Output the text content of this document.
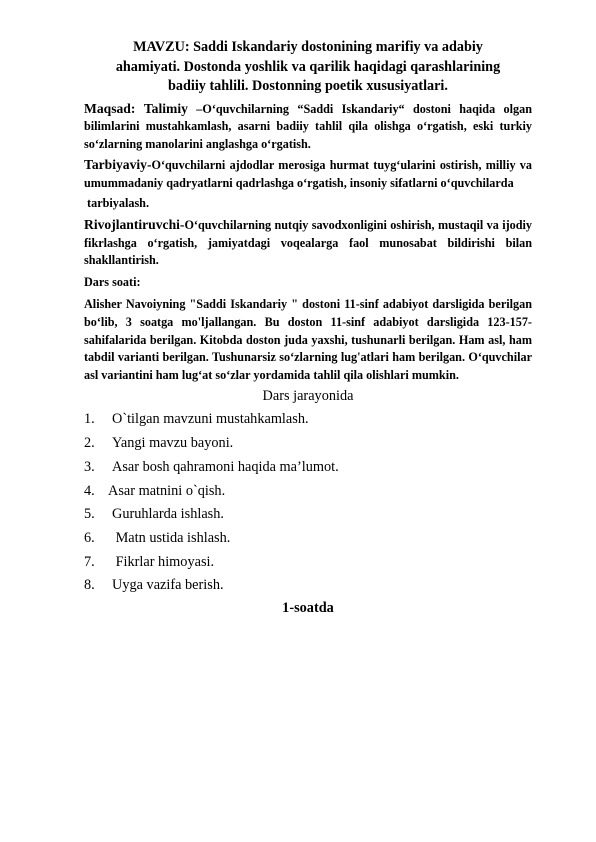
MAVZU: Saddi Iskandariy dostonining marifiy va adabiy

ahamiyati. Dostonda yoshlik va qarilik haqidagi qarashlarining

badiiy tahlili. Dostonning poetik xususiyatlari.

Maqsad: Talimiy –O‘quvchilarning “Saddi Iskandariy“ dostoni haqida olgan bilimlarini mustahkamlash, asarni badiiy tahlil qila olishga o‘rgatish, eski turkiy so‘zlarning manolarini anglashga o‘rgatish.

Tarbiyaviy-O‘quvchilarni ajdodlar merosiga hurmat tuyg‘ularini ostirish, milliy va umummadaniy qadryatlarni qadrlashga o‘rgatish, insoniy sifatlarni o‘quvchilarda

tarbiyalash.

Rivojlantiruvchi-O‘quvchilarning nutqiy savodxonligini oshirish, mustaqil va ijodiy fikrlashga o‘rgatish, jamiyatdagi voqealarga faol munosabat bildirishi bilan shakllantirish.

Dars soati:

Alisher Navoiyning "Saddi Iskandariy " dostoni 11-sinf adabiyot darsligida berilgan bo‘lib, 3 soatga mo'ljallangan. Bu doston 11-sinf adabiyot darsligida 123-157-sahifalarida berilgan. Kitobda doston juda yaxshi, tushunarli berilgan. Ham asl, ham tabdil varianti berilgan. Tushunarsiz so‘zlarning lug'atlari ham berilgan. O‘quvchilar asl variantini ham lug‘at so‘zlar yordamida tahlil qila olishlari mumkin.

Dars jarayonida

1.	O`tilgan mavzuni mustahkamlash.
2.	Yangi mavzu bayoni.
3.	Asar bosh qahramoni haqida ma’lumot.
4. Asar matnini o`qish.
5.	Guruhlarda ishlash.
6.	Matn ustida ishlash.
7.	Fikrlar himoyasi.
8.	Uyga vazifa berish.

1-soatda
